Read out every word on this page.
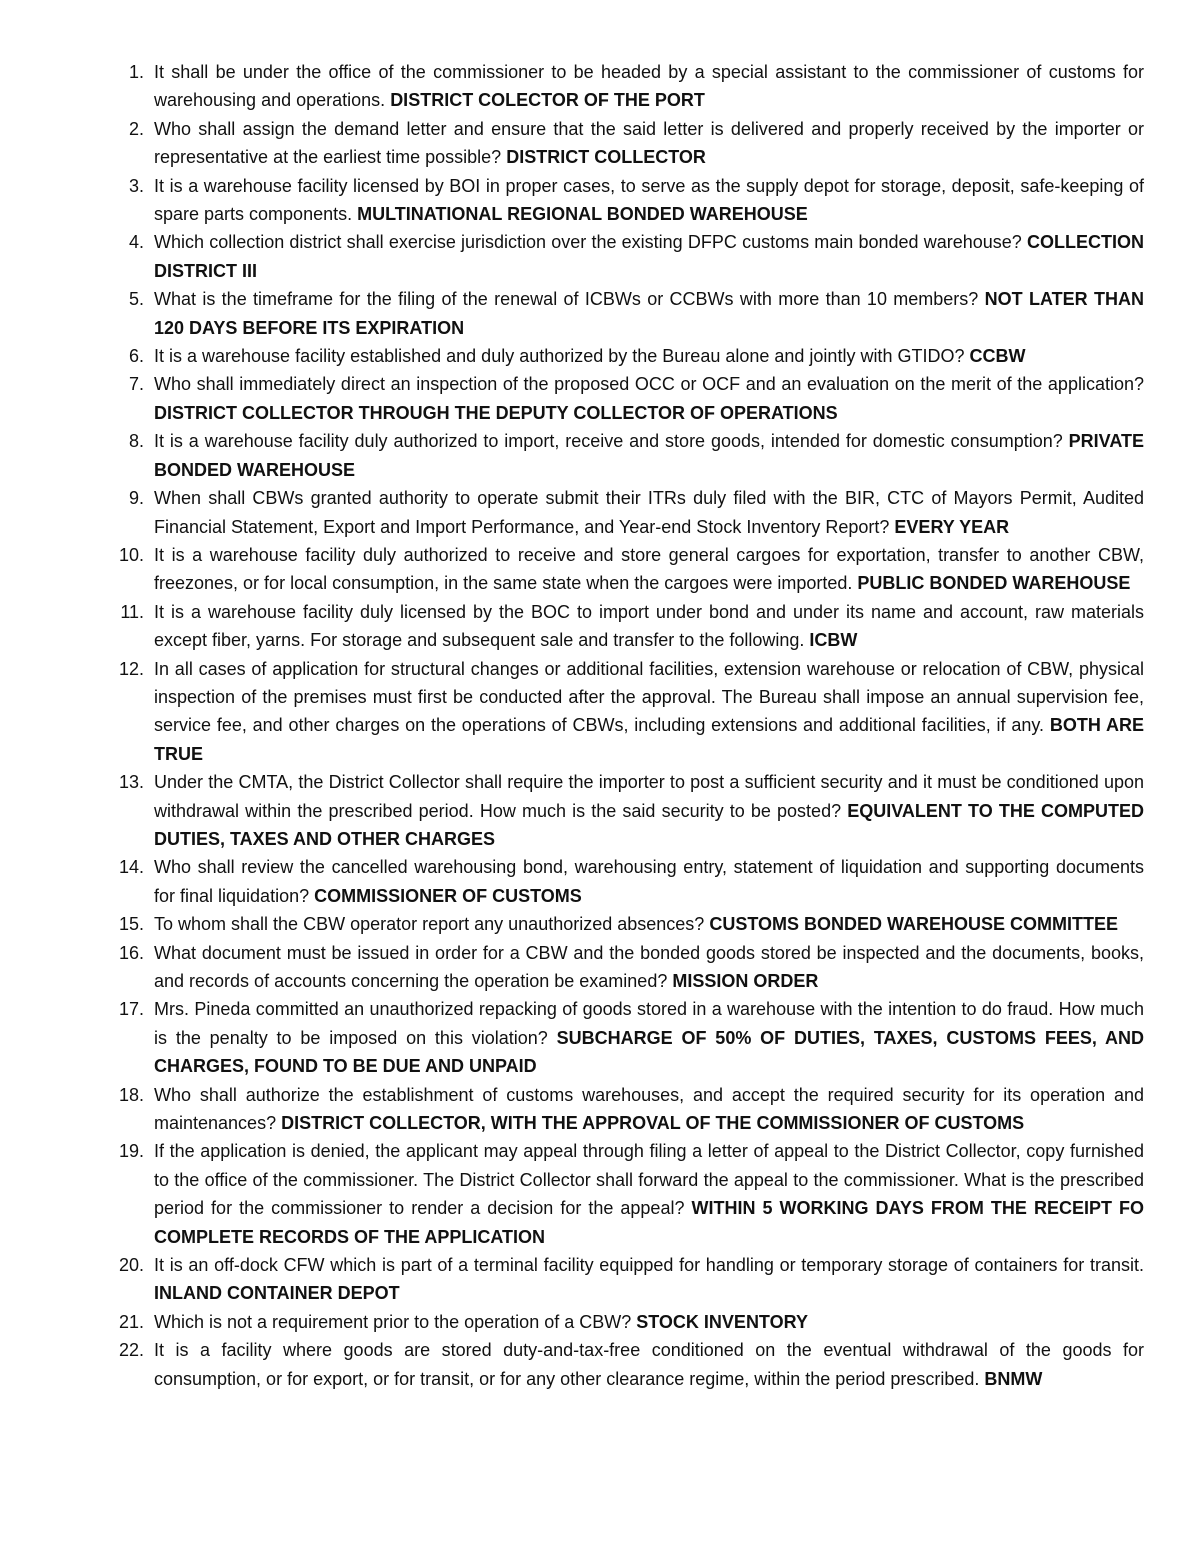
1. It shall be under the office of the commissioner to be headed by a special assistant to the commissioner of customs for warehousing and operations. DISTRICT COLECTOR OF THE PORT
2. Who shall assign the demand letter and ensure that the said letter is delivered and properly received by the importer or representative at the earliest time possible? DISTRICT COLLECTOR
3. It is a warehouse facility licensed by BOI in proper cases, to serve as the supply depot for storage, deposit, safe-keeping of spare parts components. MULTINATIONAL REGIONAL BONDED WAREHOUSE
4. Which collection district shall exercise jurisdiction over the existing DFPC customs main bonded warehouse? COLLECTION DISTRICT III
5. What is the timeframe for the filing of the renewal of ICBWs or CCBWs with more than 10 members? NOT LATER THAN 120 DAYS BEFORE ITS EXPIRATION
6. It is a warehouse facility established and duly authorized by the Bureau alone and jointly with GTIDO? CCBW
7. Who shall immediately direct an inspection of the proposed OCC or OCF and an evaluation on the merit of the application? DISTRICT COLLECTOR THROUGH THE DEPUTY COLLECTOR OF OPERATIONS
8. It is a warehouse facility duly authorized to import, receive and store goods, intended for domestic consumption? PRIVATE BONDED WAREHOUSE
9. When shall CBWs granted authority to operate submit their ITRs duly filed with the BIR, CTC of Mayors Permit, Audited Financial Statement, Export and Import Performance, and Year-end Stock Inventory Report? EVERY YEAR
10. It is a warehouse facility duly authorized to receive and store general cargoes for exportation, transfer to another CBW, freezones, or for local consumption, in the same state when the cargoes were imported. PUBLIC BONDED WAREHOUSE
11. It is a warehouse facility duly licensed by the BOC to import under bond and under its name and account, raw materials except fiber, yarns. For storage and subsequent sale and transfer to the following. ICBW
12. In all cases of application for structural changes or additional facilities, extension warehouse or relocation of CBW, physical inspection of the premises must first be conducted after the approval. The Bureau shall impose an annual supervision fee, service fee, and other charges on the operations of CBWs, including extensions and additional facilities, if any. BOTH ARE TRUE
13. Under the CMTA, the District Collector shall require the importer to post a sufficient security and it must be conditioned upon withdrawal within the prescribed period. How much is the said security to be posted? EQUIVALENT TO THE COMPUTED DUTIES, TAXES AND OTHER CHARGES
14. Who shall review the cancelled warehousing bond, warehousing entry, statement of liquidation and supporting documents for final liquidation? COMMISSIONER OF CUSTOMS
15. To whom shall the CBW operator report any unauthorized absences? CUSTOMS BONDED WAREHOUSE COMMITTEE
16. What document must be issued in order for a CBW and the bonded goods stored be inspected and the documents, books, and records of accounts concerning the operation be examined? MISSION ORDER
17. Mrs. Pineda committed an unauthorized repacking of goods stored in a warehouse with the intention to do fraud. How much is the penalty to be imposed on this violation? SUBCHARGE OF 50% OF DUTIES, TAXES, CUSTOMS FEES, AND CHARGES, FOUND TO BE DUE AND UNPAID
18. Who shall authorize the establishment of customs warehouses, and accept the required security for its operation and maintenances? DISTRICT COLLECTOR, WITH THE APPROVAL OF THE COMMISSIONER OF CUSTOMS
19. If the application is denied, the applicant may appeal through filing a letter of appeal to the District Collector, copy furnished to the office of the commissioner. The District Collector shall forward the appeal to the commissioner. What is the prescribed period for the commissioner to render a decision for the appeal? WITHIN 5 WORKING DAYS FROM THE RECEIPT FO COMPLETE RECORDS OF THE APPLICATION
20. It is an off-dock CFW which is part of a terminal facility equipped for handling or temporary storage of containers for transit. INLAND CONTAINER DEPOT
21. Which is not a requirement prior to the operation of a CBW? STOCK INVENTORY
22. It is a facility where goods are stored duty-and-tax-free conditioned on the eventual withdrawal of the goods for consumption, or for export, or for transit, or for any other clearance regime, within the period prescribed. BNMW
